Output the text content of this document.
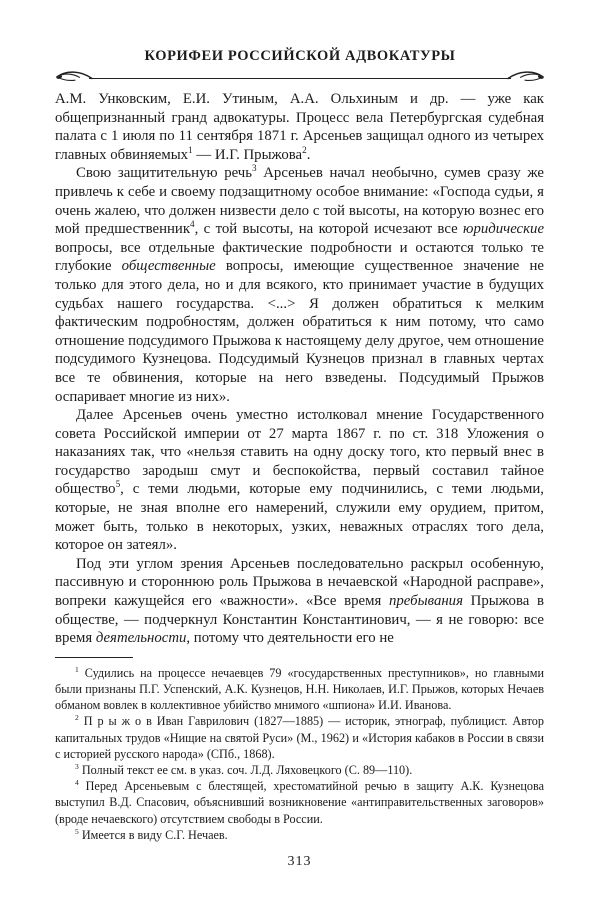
КОРИФЕИ РОССИЙСКОЙ АДВОКАТУРЫ

А.М. Унковским, Е.И. Утиным, А.А. Ольхиным и др. — уже как общепризнанный гранд адвокатуры. Процесс вела Петербургская судебная палата с 1 июля по 11 сентября 1871 г. Арсеньев защищал одного из четырех главных обвиняемых$^1$ — И.Г. Прыжова$^2$.

Свою защитительную речь$^3$ Арсеньев начал необычно, сумев сразу же привлечь к себе и своему подзащитному особое внимание: «Господа судьи, я очень жалею, что должен низвести дело с той высоты, на которую вознес его мой предшественник$^4$, с той высоты, на которой исчезают все юридические вопросы, все отдельные фактические подробности и остаются только те глубокие общественные вопросы, имеющие существенное значение не только для этого дела, но и для всякого, кто принимает участие в будущих судьбах нашего государства. <...> Я должен обратиться к мелким фактическим подробностям, должен обратиться к ним потому, что само отношение подсудимого Прыжова к настоящему делу другое, чем отношение подсудимого Кузнецова. Подсудимый Кузнецов признал в главных чертах все те обвинения, которые на него взведены. Подсудимый Прыжов оспаривает многие из них».

Далее Арсеньев очень уместно истолковал мнение Государственного совета Российской империи от 27 марта 1867 г. по ст. 318 Уложения о наказаниях так, что «нельзя ставить на одну доску того, кто первый внес в государство зародыш смут и беспокойства, первый составил тайное общество$^5$, с теми людьми, которые ему подчинились, с теми людьми, которые, не зная вполне его намерений, служили ему орудием, притом, может быть, только в некоторых, узких, неважных отраслях того дела, которое он затеял».

Под эти углом зрения Арсеньев последовательно раскрыл особенную, пассивную и стороннюю роль Прыжова в нечаевской «Народной расправе», вопреки кажущейся его «важности». «Все время пребывания Прыжова в обществе, — подчеркнул Константин Константинович, — я не говорю: все время деятельности, потому что деятельности его не

$^1$ Судились на процессе нечаевцев 79 «государственных преступников», но главными были признаны П.Г. Успенский, А.К. Кузнецов, Н.Н. Николаев, И.Г. Прыжов, которых Нечаев обманом вовлек в коллективное убийство мнимого «шпиона» И.И. Иванова.

$^2$ П р ы ж о в Иван Гаврилович (1827—1885) — историк, этнограф, публицист. Автор капитальных трудов «Нищие на святой Руси» (М., 1962) и «История кабаков в России в связи с историей русского народа» (СПб., 1868).

$^3$ Полный текст ее см. в указ. соч. Л.Д. Ляховецкого (С. 89—110).

$^4$ Перед Арсеньевым с блестящей, хрестоматийной речью в защиту А.К. Кузнецова выступил В.Д. Спасович, объяснивший возникновение «антиправительственных заговоров» (вроде нечаевского) отсутствием свободы в России.

$^5$ Имеется в виду С.Г. Нечаев.

313
